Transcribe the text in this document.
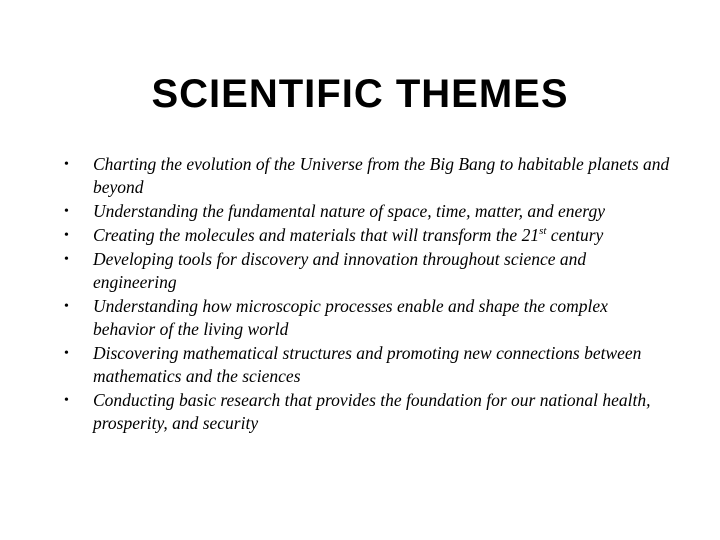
SCIENTIFIC THEMES
• Charting the evolution of the Universe from the Big Bang to habitable planets and beyond
• Understanding the fundamental nature of space, time, matter, and energy
• Creating the molecules and materials that will transform the 21st century
• Developing tools for discovery and innovation throughout science and engineering
• Understanding how microscopic processes enable and shape the complex behavior of the living world
• Discovering mathematical structures and promoting new connections between mathematics and the sciences
• Conducting basic research that provides the foundation for our national health, prosperity, and security
